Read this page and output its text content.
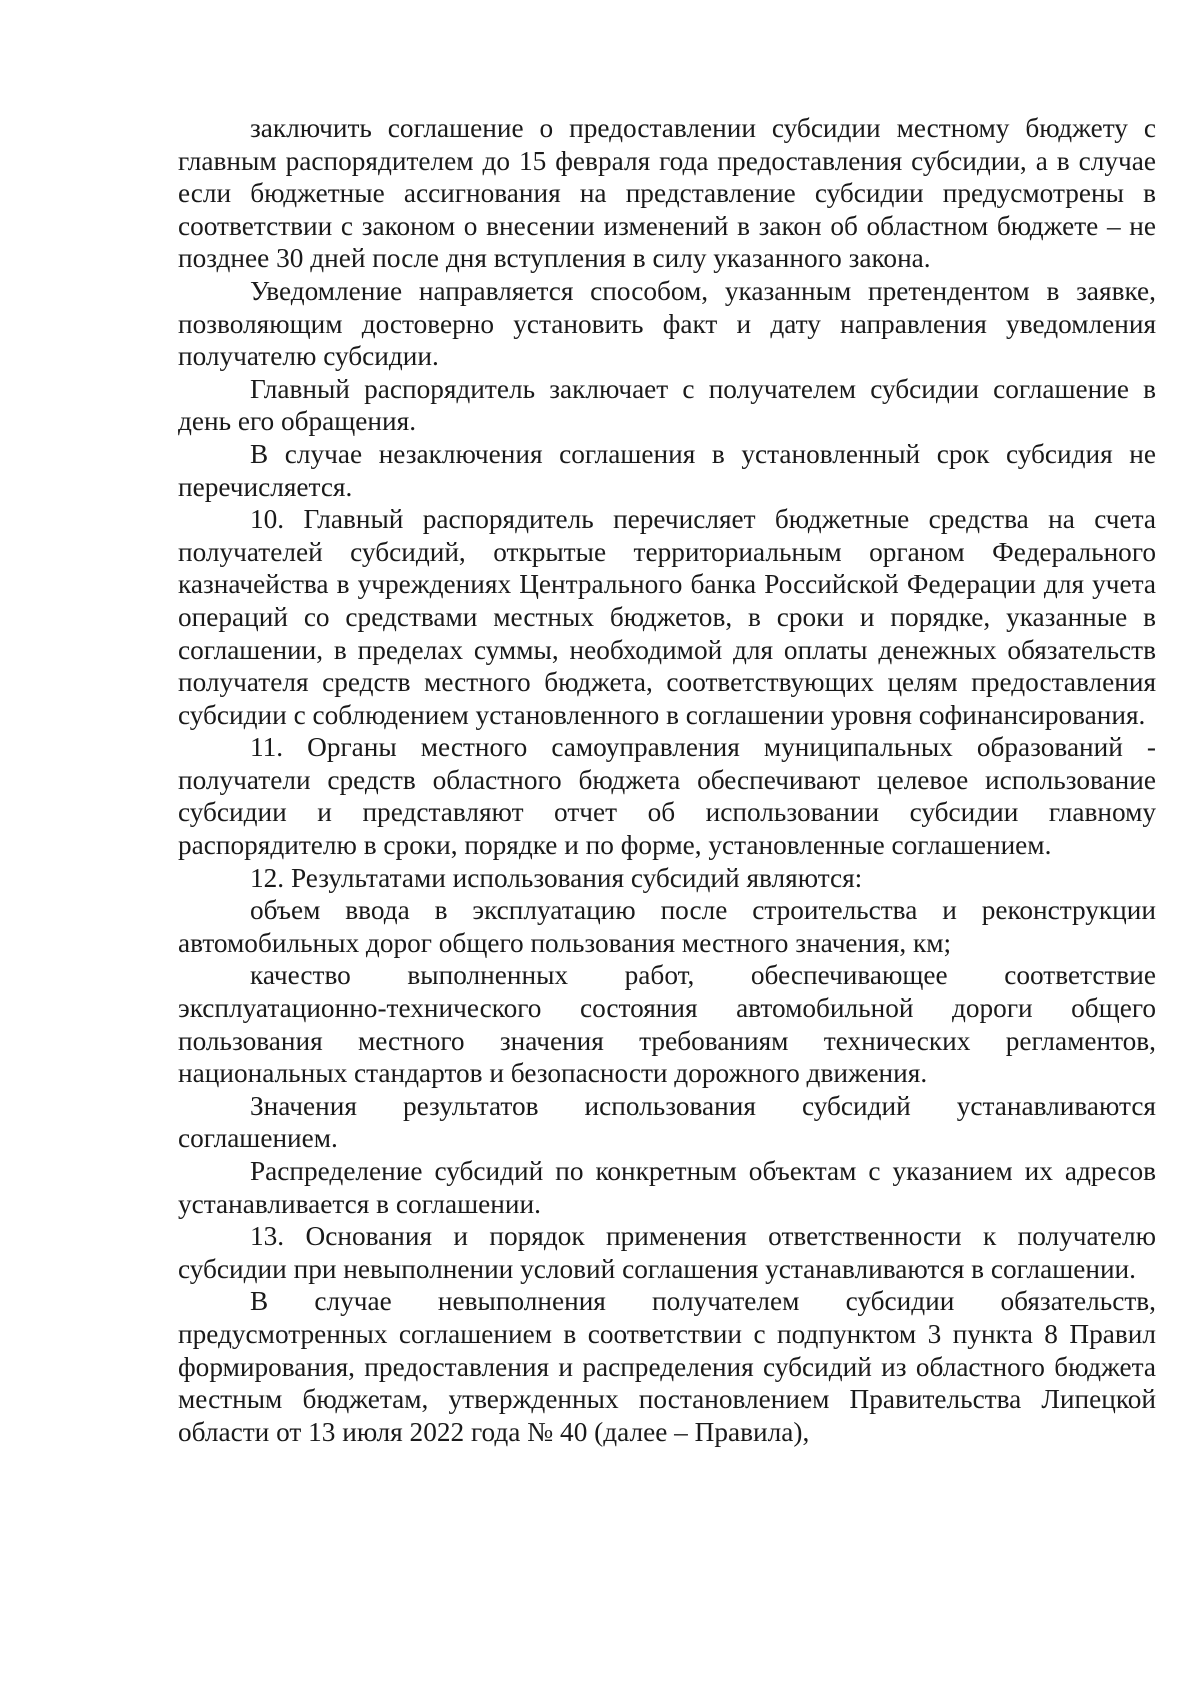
заключить соглашение о предоставлении субсидии местному бюджету с главным распорядителем до 15 февраля года предоставления субсидии, а в случае если бюджетные ассигнования на представление субсидии предусмотрены в соответствии с законом о внесении изменений в закон об областном бюджете – не позднее 30 дней после дня вступления в силу указанного закона.

Уведомление направляется способом, указанным претендентом в заявке, позволяющим достоверно установить факт и дату направления уведомления получателю субсидии.

Главный распорядитель заключает с получателем субсидии соглашение в день его обращения.

В случае незаключения соглашения в установленный срок субсидия не перечисляется.

10. Главный распорядитель перечисляет бюджетные средства на счета получателей субсидий, открытые территориальным органом Федерального казначейства в учреждениях Центрального банка Российской Федерации для учета операций со средствами местных бюджетов, в сроки и порядке, указанные в соглашении, в пределах суммы, необходимой для оплаты денежных обязательств получателя средств местного бюджета, соответствующих целям предоставления субсидии с соблюдением установленного в соглашении уровня софинансирования.

11. Органы местного самоуправления муниципальных образований - получатели средств областного бюджета обеспечивают целевое использование субсидии и представляют отчет об использовании субсидии главному распорядителю в сроки, порядке и по форме, установленные соглашением.

12. Результатами использования субсидий являются:

объем ввода в эксплуатацию после строительства и реконструкции автомобильных дорог общего пользования местного значения, км;

качество выполненных работ, обеспечивающее соответствие эксплуатационно-технического состояния автомобильной дороги общего пользования местного значения требованиям технических регламентов, национальных стандартов и безопасности дорожного движения.

Значения результатов использования субсидий устанавливаются соглашением.

Распределение субсидий по конкретным объектам с указанием их адресов устанавливается в соглашении.

13. Основания и порядок применения ответственности к получателю субсидии при невыполнении условий соглашения устанавливаются в соглашении.

В случае невыполнения получателем субсидии обязательств, предусмотренных соглашением в соответствии с подпунктом 3 пункта 8 Правил формирования, предоставления и распределения субсидий из областного бюджета местным бюджетам, утвержденных постановлением Правительства Липецкой области от 13 июля 2022 года № 40 (далее – Правила),
